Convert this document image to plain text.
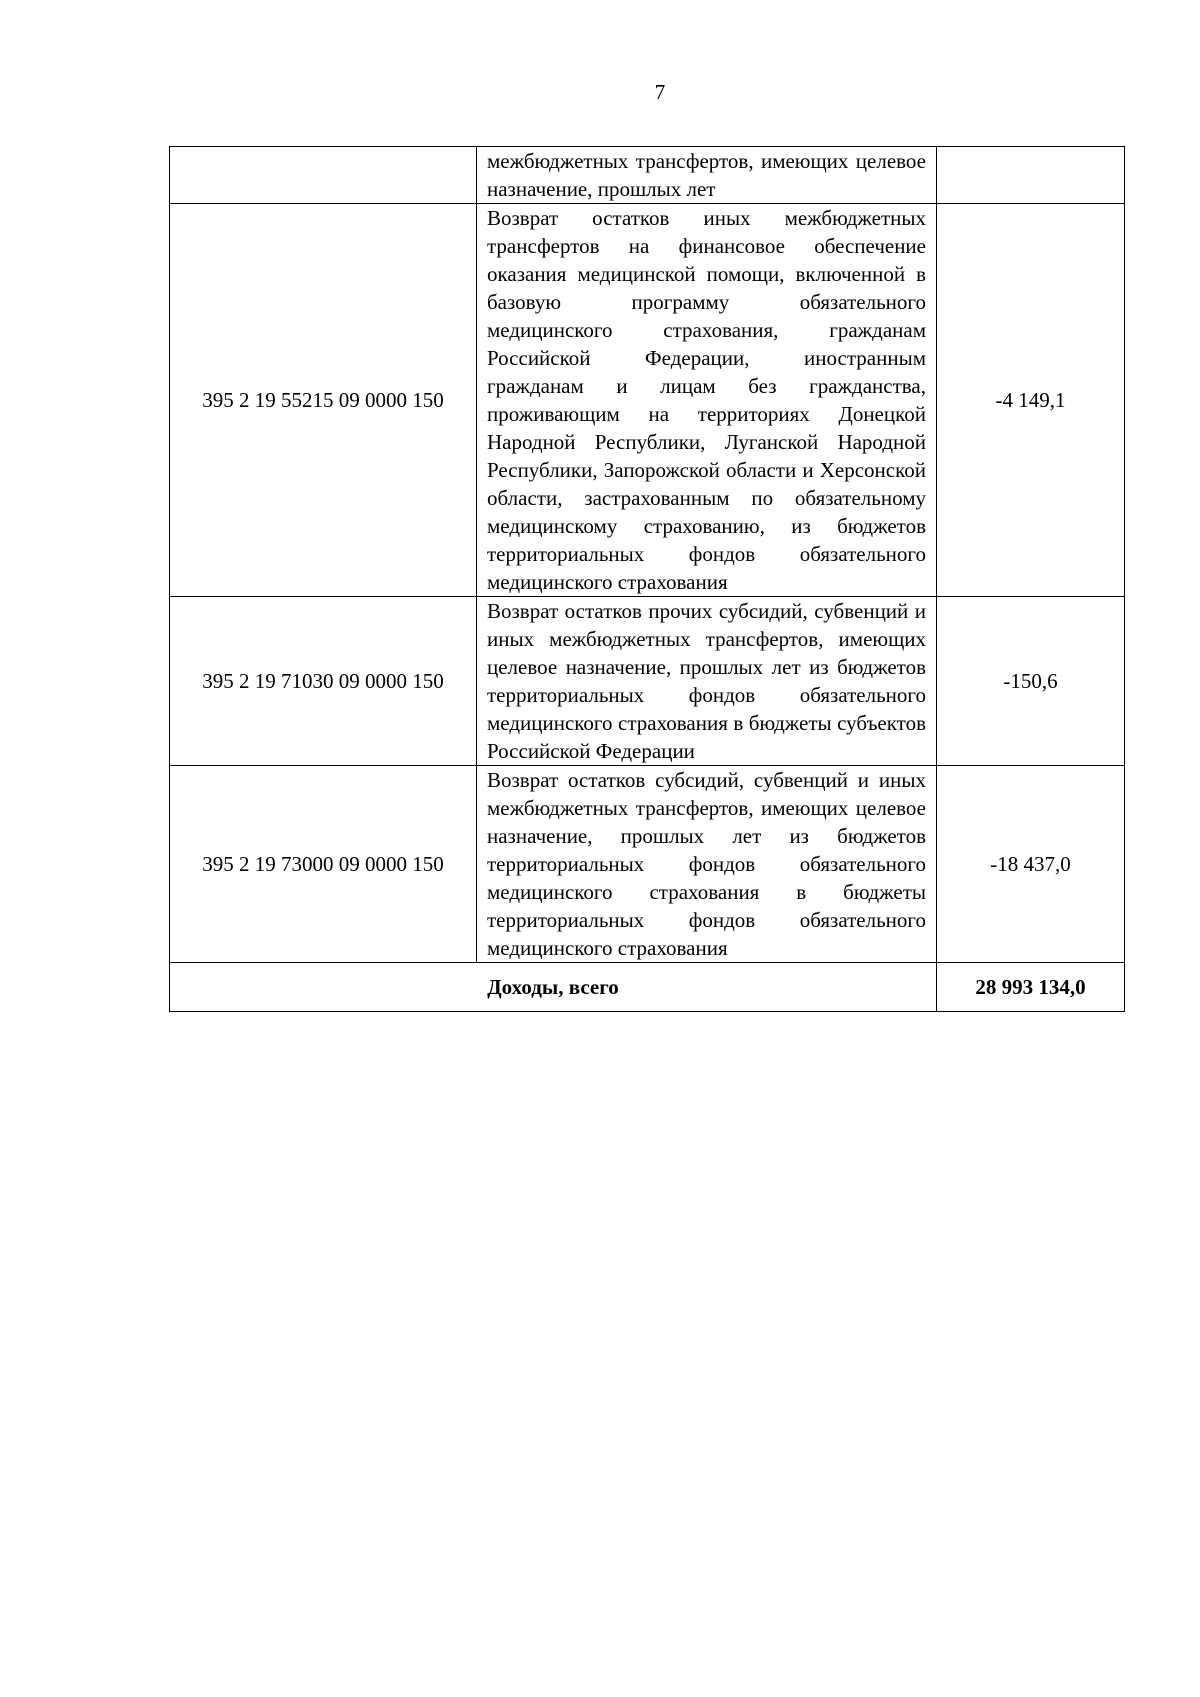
7
	межбюджетных трансфертов, имеющих целевое назначение, прошлых лет	
395 2 19 55215 09 0000 150	Возврат остатков иных межбюджетных трансфертов на финансовое обеспечение оказания медицинской помощи, включенной в базовую программу обязательного медицинского страхования, гражданам Российской Федерации, иностранным гражданам и лицам без гражданства, проживающим на территориях Донецкой Народной Республики, Луганской Народной Республики, Запорожской области и Херсонской области, застрахованным по обязательному медицинскому страхованию, из бюджетов территориальных фондов обязательного медицинского страхования	-4 149,1
395 2 19 71030 09 0000 150	Возврат остатков прочих субсидий, субвенций и иных межбюджетных трансфертов, имеющих целевое назначение, прошлых лет из бюджетов территориальных фондов обязательного медицинского страхования в бюджеты субъектов Российской Федерации	-150,6
395 2 19 73000 09 0000 150	Возврат остатков субсидий, субвенций и иных межбюджетных трансфертов, имеющих целевое назначение, прошлых лет из бюджетов территориальных фондов обязательного медицинского страхования в бюджеты территориальных фондов обязательного медицинского страхования	-18 437,0
Доходы, всего		28 993 134,0
